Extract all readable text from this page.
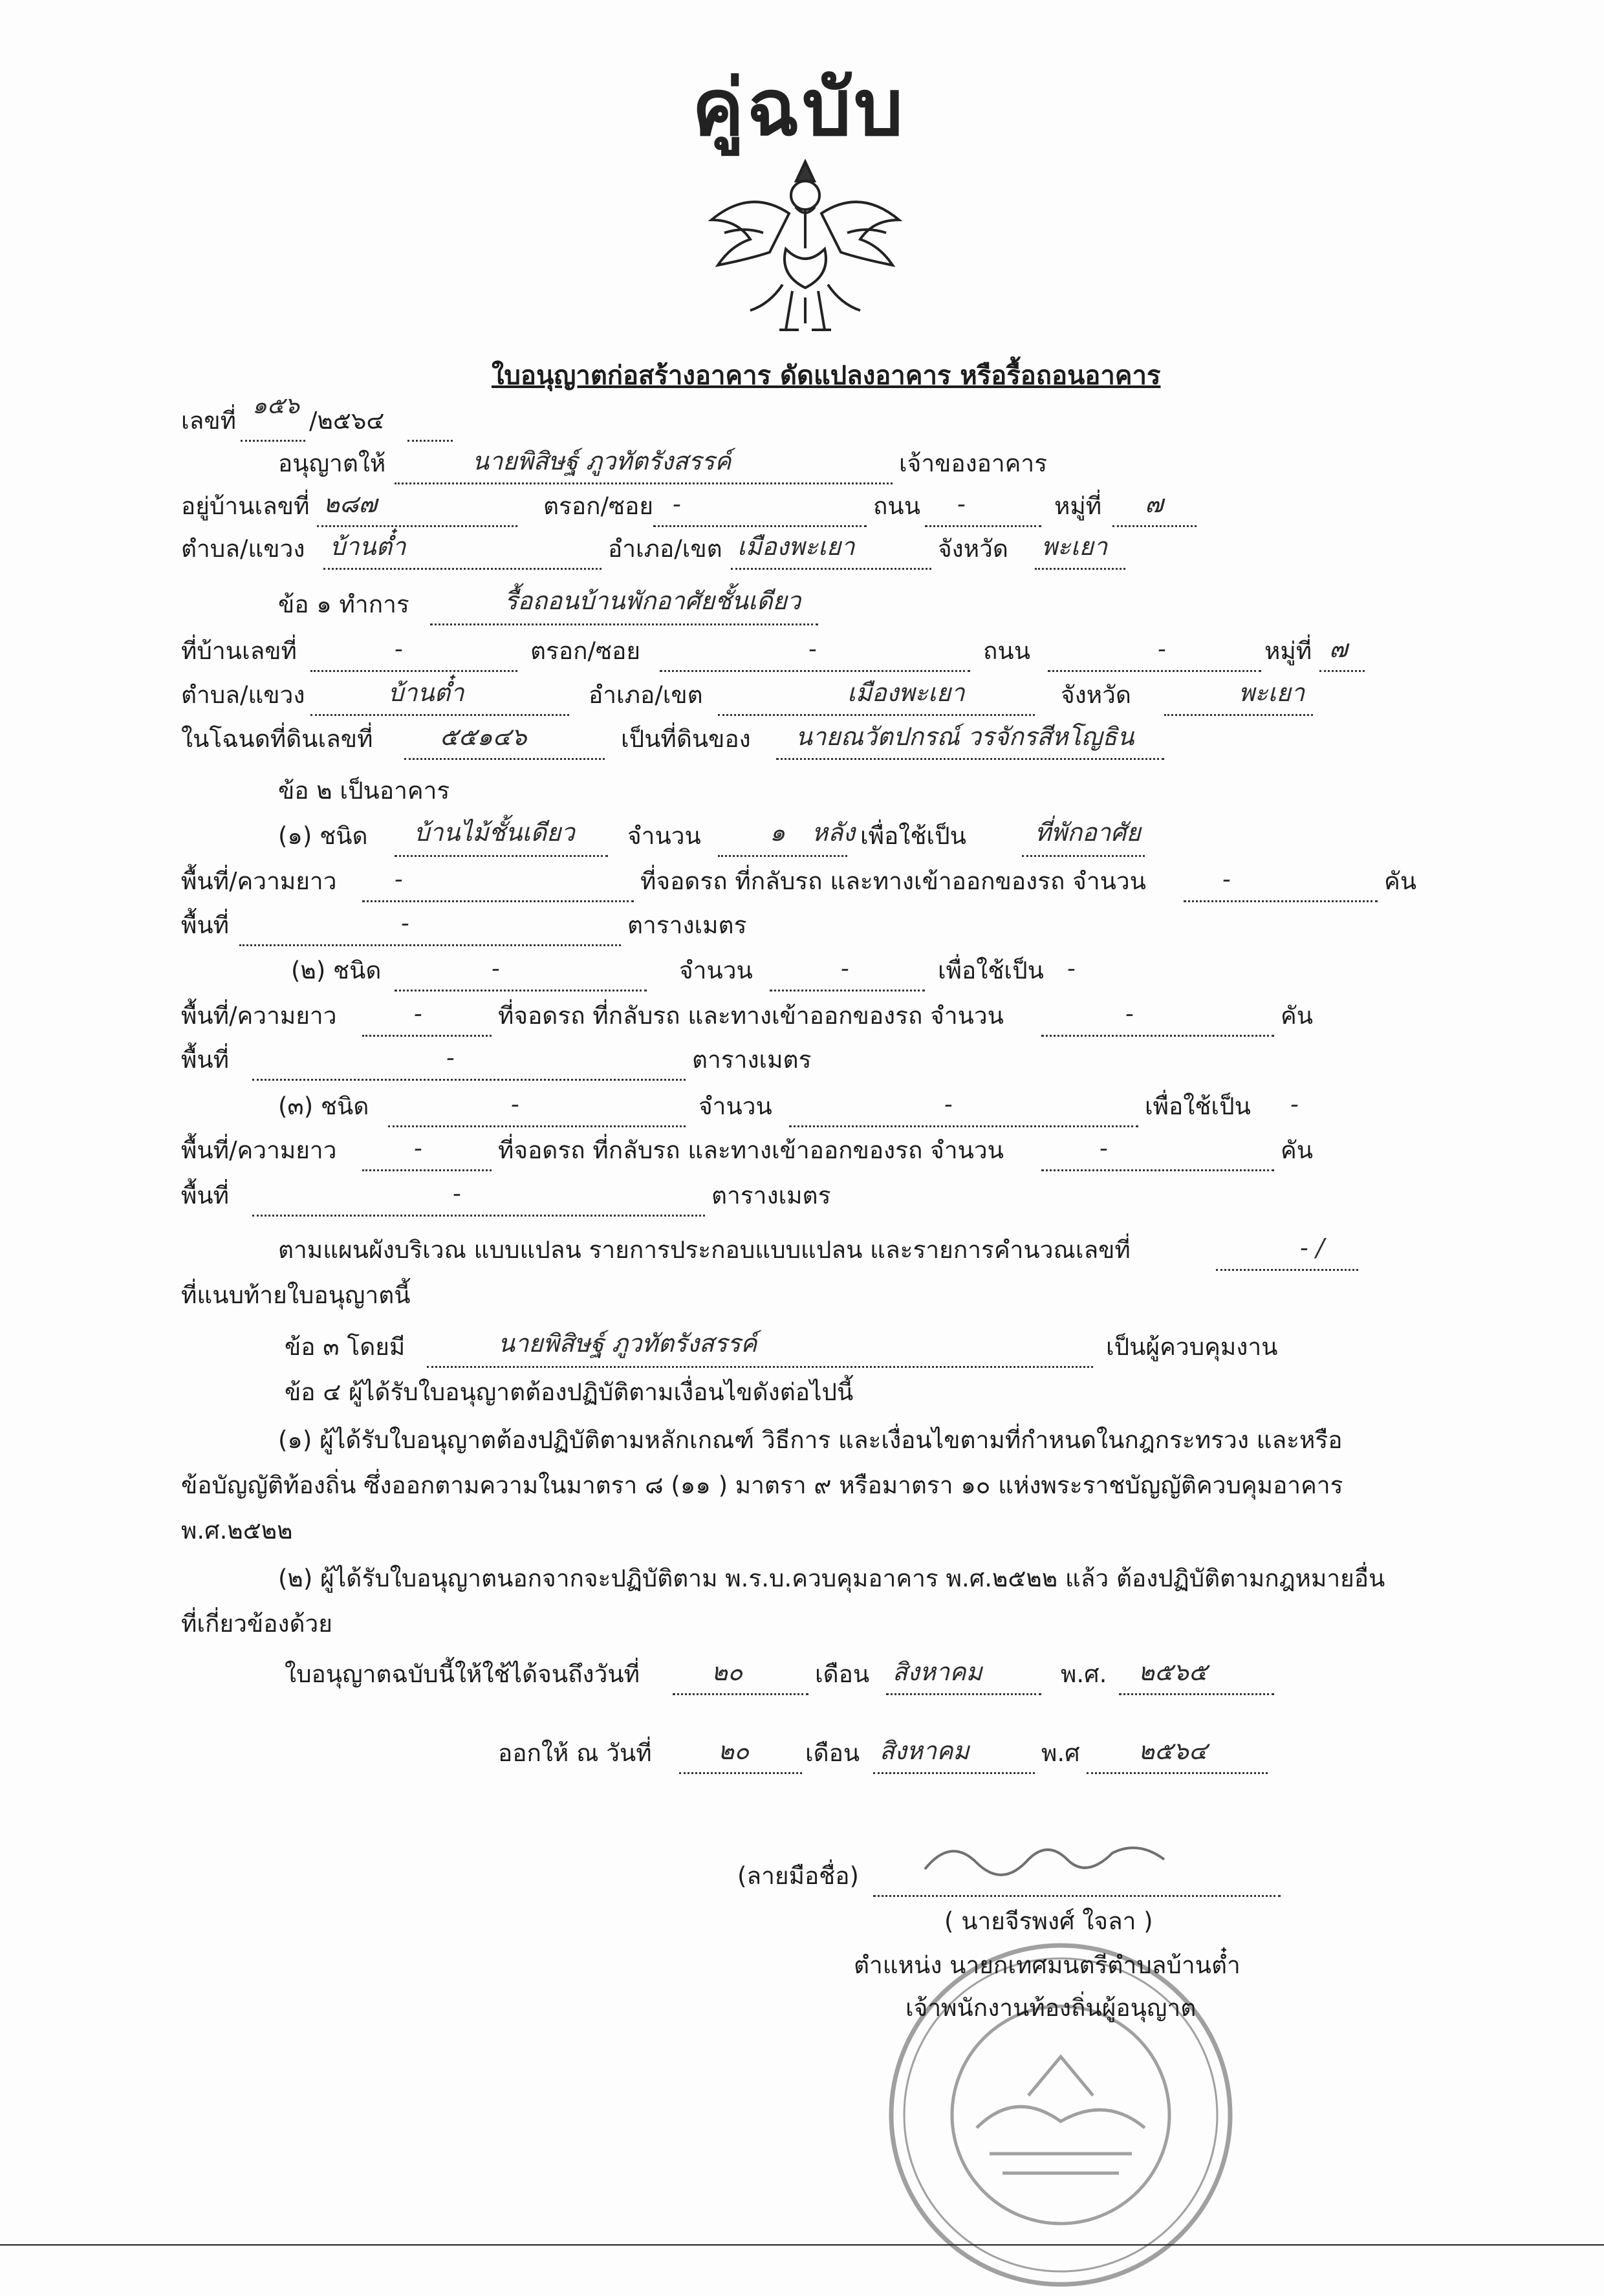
คู่ฉบับ
ใบอนุญาตก่อสร้างอาคาร ดัดแปลงอาคาร หรือรื้อถอนอาคาร
เลขที่
๑๕๖
/๒๕๖๔
อนุญาตให้	นายพิสิษฐ์ ภูวทัตรังสรรค์	เจ้าของอาคาร
อยู่บ้านเลขที่ ๒๘๗	ตรอก/ซอย -	ถนน -	หมู่ที่ ๗
ตำบล/แขวง บ้านต๋ำ	อำเภอ/เขต เมืองพะเยา	จังหวัด พะเยา
ข้อ ๑ ทำการ	รื้อถอนบ้านพักอาศัยชั้นเดียว
ที่บ้านเลขที่	-	ตรอก/ซอย	-	ถนน	-	หมู่ที่ ๗
ตำบล/แขวง	บ้านต๋ำ	อำเภอ/เขต	เมืองพะเยา	จังหวัด	พะเยา
ในโฉนดที่ดินเลขที่	๕๕๑๔๖	เป็นที่ดินของ นายณวัตปกรณ์ วรจักรสีหโญธิน
ข้อ ๒ เป็นอาคาร
(๑) ชนิด บ้านไม้ชั้นเดียว จำนวน	๑ หลัง เพื่อใช้เป็น	ที่พักอาศัย
พื้นที่/ความยาว -	ที่จอดรถ ที่กลับรถ และทางเข้าออกของรถ จำนวน	-	คัน
พื้นที่	-	ตารางเมตร
(๒) ชนิด	-	จำนวน	-	เพื่อใช้เป็น -
พื้นที่/ความยาว	-	ที่จอดรถ ที่กลับรถ และทางเข้าออกของรถ จำนวน	-	คัน
พื้นที่	-	ตารางเมตร
(๓) ชนิด	-	จำนวน	-	เพื่อใช้เป็น -
พื้นที่/ความยาว	-	ที่จอดรถ ที่กลับรถ และทางเข้าออกของรถ จำนวน	-	คัน
พื้นที่	-	ตารางเมตร
ตามแผนผังบริเวณ แบบแปลน รายการประกอบแบบแปลน และรายการคำนวณเลขที่	- /
ที่แนบท้ายใบอนุญาตนี้
ข้อ ๓ โดยมี	นายพิสิษฐ์ ภูวทัตรังสรรค์	เป็นผู้ควบคุมงาน
ข้อ ๔ ผู้ได้รับใบอนุญาตต้องปฏิบัติตามเงื่อนไขดังต่อไปนี้
(๑) ผู้ได้รับใบอนุญาตต้องปฏิบัติตามหลักเกณฑ์ วิธีการ และเงื่อนไขตามที่กำหนดในกฎกระทรวง และหรือ
ข้อบัญญัติท้องถิ่น ซึ่งออกตามความในมาตรา ๘ (๑๑ ) มาตรา ๙ หรือมาตรา ๑๐ แห่งพระราชบัญญัติควบคุมอาคาร
พ.ศ.๒๕๒๒
(๒) ผู้ได้รับใบอนุญาตนอกจากจะปฏิบัติตาม พ.ร.บ.ควบคุมอาคาร พ.ศ.๒๕๒๒ แล้ว ต้องปฏิบัติตามกฎหมายอื่น
ที่เกี่ยวข้องด้วย
ใบอนุญาตฉบับนี้ให้ใช้ได้จนถึงวันที่	๒๐	เดือน สิงหาคม	พ.ศ. ๒๕๖๕
ออกให้ ณ วันที่	๒๐ เดือน สิงหาคม	พ.ศ ๒๕๖๔
(ลายมือชื่อ)
( นายจีรพงศ์ ใจลา )
ตำแหน่ง นายกเทศมนตรีตำบลบ้านต๋ำ
เจ้าพนักงานท้องถิ่นผู้อนุญาต
